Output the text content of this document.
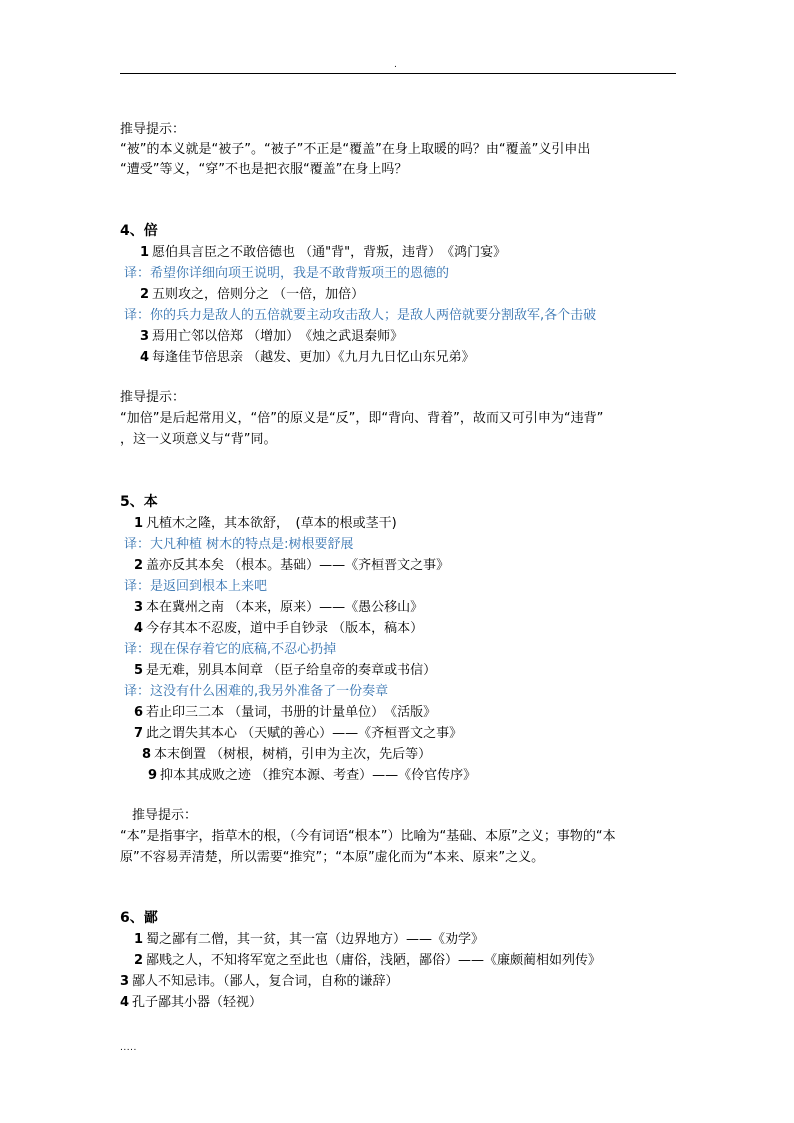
.
推导提示：
“被”的本义就是“被子”。“被子”不正是“覆盖”在身上取暖的吗？由“覆盖”义引申出
“遭受”等义，“穿”不也是把衣服“覆盖”在身上吗？
4、倍
1 愿伯具言臣之不敢倍德也 （通"背"，背叛，违背）　《鸿门宴》
译：希望你详细向项王说明，我是不敢背叛项王的恩德的
2 五则攻之，倍则分之 （一倍，加倍）
译：你的兵力是敌人的五倍就要主动攻击敌人；是敌人两倍就要分割敌军,各个击破
3 焉用亡邻以倍郑 （增加）　《烛之武退秦师》
4 每逢佳节倍思亲 （越发、更加）《九月九日忆山东兄弟》
推导提示：
“加倍”是后起常用义，“倍”的原义是“反”，即“背向、背着”，故而又可引申为“违背”
，这一义项意义与“背”同。
5、本
1 凡植木之隆，其本欲舒，　(草本的根或茎干)
译：大凡种植 树木的特点是:树根要舒展
2 盖亦反其本矣 （根本。基础）——《齐桓晋文之事》
译：是返回到根本上来吧
3 本在冀州之南 （本来，原来）——《愚公移山》
4 今存其本不忍废，道中手自钞录 （版本，稿本）
译：现在保存着它的底稿,不忍心扔掉
5 是无难，别具本间章 （臣子给皇帝的奏章或书信）
译：这没有什么困难的,我另外准备了一份奏章
6 若止印三二本 （量词，书册的计量单位）　《活版》
7 此之谓失其本心 （天赋的善心）——《齐桓晋文之事》
8 本末倒置 （树根，树梢，引申为主次，先后等）
9 抑本其成败之迹 （推究本源、考查）——《伶官传序》
推导提示：
“本”是指事字，指草木的根，（今有词语“根本”）比喻为“基础、本原”之义；事物的“本
原”不容易弄清楚，所以需要“推究”；“本原”虚化而为“本来、原来”之义。
6、鄙
1 蜀之鄙有二僧，其一贫，其一富（边界地方）——《劝学》
2 鄙贱之人，不知将军宽之至此也（庸俗，浅陋，鄙俗）——《廉颇蔺相如列传》
3 鄙人不知忌讳。（鄙人，复合词，自称的谦辞）
4 孔子鄙其小器（轻视）
.....
